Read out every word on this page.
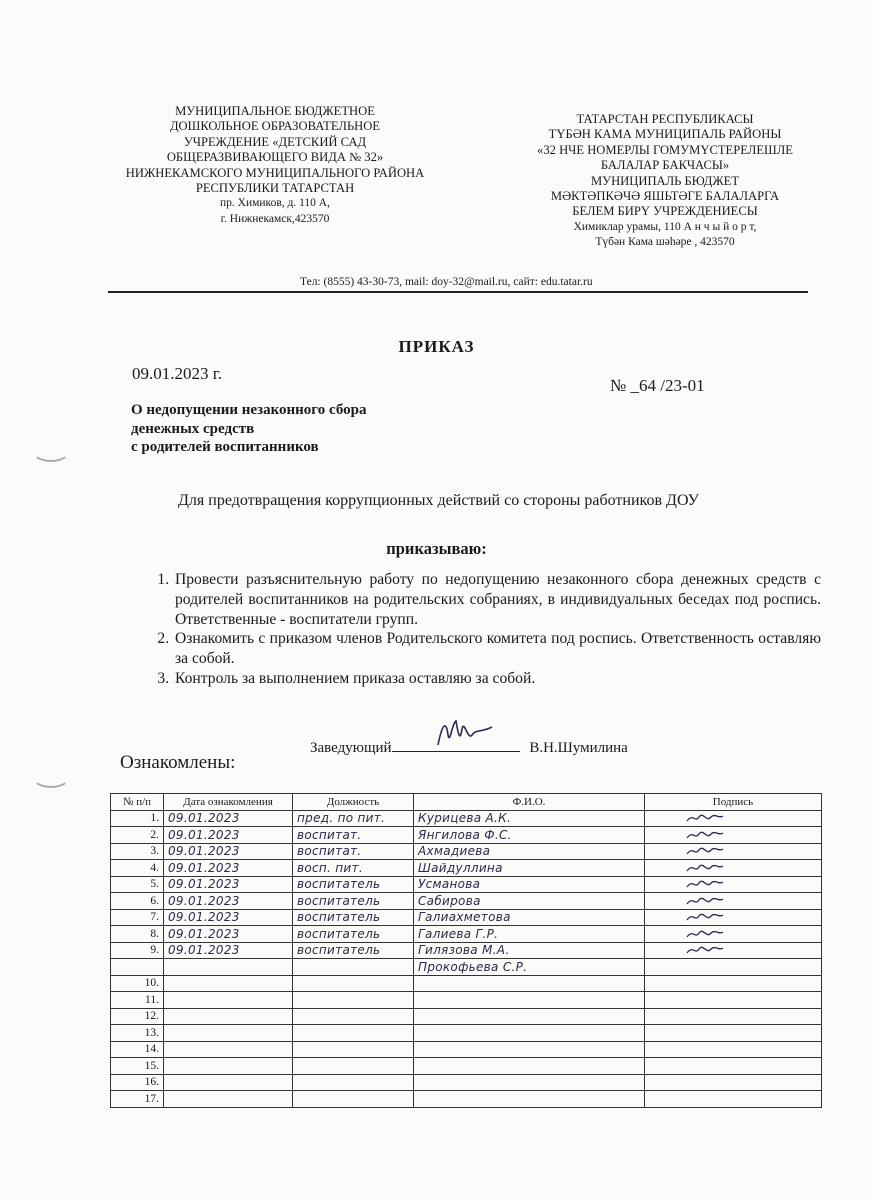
МУНИЦИПАЛЬНОЕ БЮДЖЕТНОЕ
ДОШКОЛЬНОЕ ОБРАЗОВАТЕЛЬНОЕ
УЧРЕЖДЕНИЕ «ДЕТСКИЙ САД
ОБЩЕРАЗВИВАЮЩЕГО ВИДА № 32»
НИЖНЕКАМСКОГО МУНИЦИПАЛЬНОГО РАЙОНА
РЕСПУБЛИКИ ТАТАРСТАН
пр. Химиков, д. 110 А,
г. Нижнекамск,423570
ТАТАРСТАН РЕСПУБЛИКАСЫ
ТҮБӘН КАМА МУНИЦИПАЛЬ РАЙОНЫ
«32 НЧЕ НОМЕРЛЫ ГОМУМҮСТЕРЕЛЕШЛЕ
БАЛАЛАР БАКЧАСЫ»
МУНИЦИПАЛЬ БЮДЖЕТ
МӘКТӘПКӘЧӘ ЯШЬТӘГЕ БАЛАЛАРГА
БЕЛЕМ БИРҮ УЧРЕЖДЕНИЕСЫ
Химиклар урамы, 110 А н ч ы й о р т,
Түбән Кама шәһәре , 423570
Тел: (8555) 43-30-73, mail: doy-32@mail.ru, сайт: edu.tatar.ru
ПРИКАЗ
09.01.2023 г.
№ _64 /23-01
О недопущении незаконного сбора
денежных средств
с родителей воспитанников
Для предотвращения коррупционных действий со стороны работников ДОУ
приказываю:
1. Провести разъяснительную работу по недопущению незаконного сбора денежных средств с родителей воспитанников на родительских собраниях, в индивидуальных беседах под роспись. Ответственные - воспитатели групп.
2. Ознакомить с приказом членов Родительского комитета под роспись. Ответственность оставляю за собой.
3. Контроль за выполнением приказа оставляю за собой.
Заведующий	В.Н.Шумилина
Ознакомлены:
№ п/п	Дата ознакомления	Должность	Ф.И.О.	Подпись
1.	09.01.2023	пред. по пит.	Курицева А.К.	

2.	09.01.2023	воспитат.	Янгилова Ф.С.	

3.	09.01.2023	воспитат.	Ахмадиева	

4.	09.01.2023	восп. пит.	Шайдуллина	

5.	09.01.2023	воспитатель	Усманова	

6.	09.01.2023	воспитатель	Сабирова	

7.	09.01.2023	воспитатель	Галиахметова	

8.	09.01.2023	воспитатель	Галиева Г.Р.	

9.	09.01.2023	воспитатель	Гилязова М.А.	

			Прокофьева С.Р.	
10.				
11.				
12.				
13.				
14.				
15.				
16.				
17.				
